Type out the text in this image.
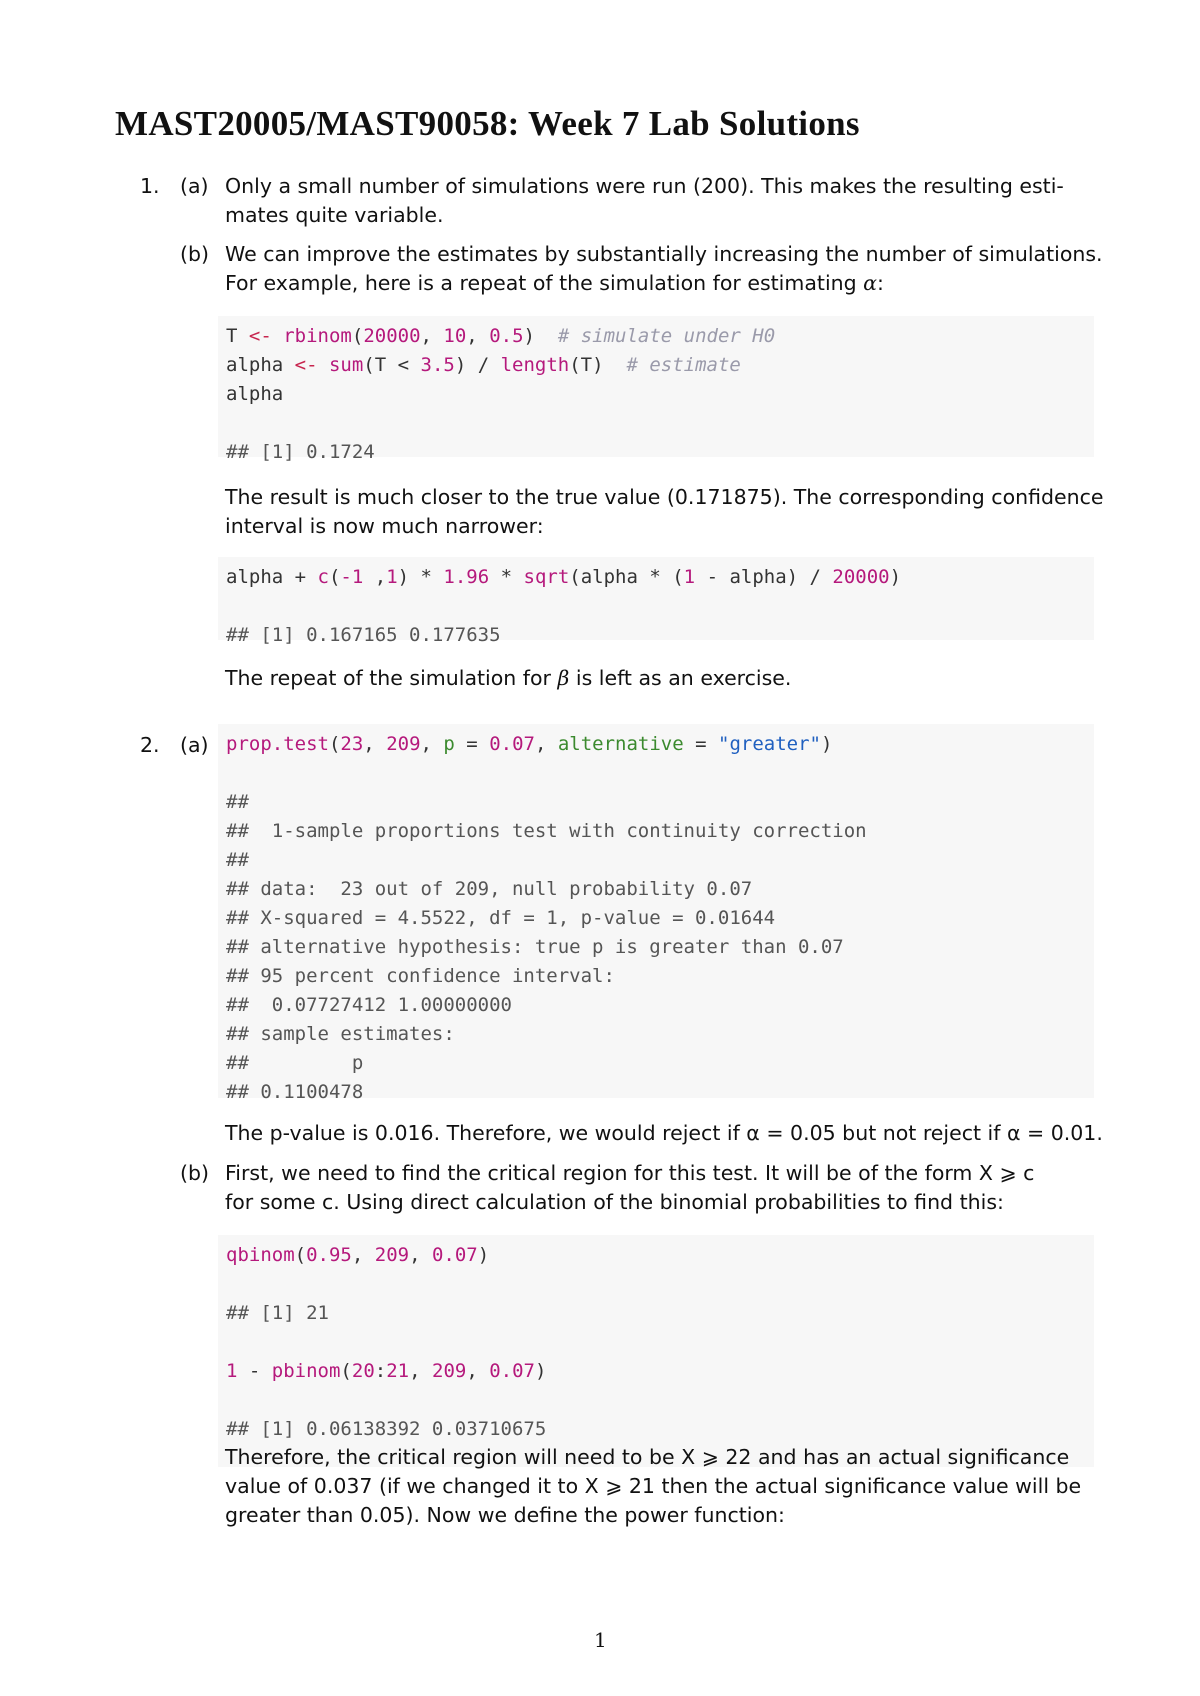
MAST20005/MAST90058: Week 7 Lab Solutions
1. (a) Only a small number of simulations were run (200). This makes the resulting esti-

mates quite variable.

(b) We can improve the estimates by substantially increasing the number of simulations.

For example, here is a repeat of the simulation for estimating α:

T <- rbinom(20000, 10, 0.5)  # simulate under H0
alpha <- sum(T < 3.5) / length(T)  # estimate
alpha

## [1] 0.1724

The result is much closer to the true value (0.171875). The corresponding confidence

interval is now much narrower:

alpha + c(-1 ,1) * 1.96 * sqrt(alpha * (1 - alpha) / 20000)

## [1] 0.167165 0.177635

The repeat of the simulation for β is left as an exercise.

2. (a) prop.test(23, 209, p = 0.07, alternative = "greater")

##
##  1-sample proportions test with continuity correction
##
## data:  23 out of 209, null probability 0.07
## X-squared = 4.5522, df = 1, p-value = 0.01644
## alternative hypothesis: true p is greater than 0.07
## 95 percent confidence interval:
##  0.07727412 1.00000000
## sample estimates:
##         p
## 0.1100478

The p-value is 0.016. Therefore, we would reject if α = 0.05 but not reject if α = 0.01.

(b) First, we need to find the critical region for this test. It will be of the form X ⩾ c

for some c. Using direct calculation of the binomial probabilities to find this:

qbinom(0.95, 209, 0.07)

## [1] 21

1 - pbinom(20:21, 209, 0.07)

## [1] 0.06138392 0.03710675

Therefore, the critical region will need to be X ⩾ 22 and has an actual significance

value of 0.037 (if we changed it to X ⩾ 21 then the actual significance value will be

greater than 0.05). Now we define the power function:

1
